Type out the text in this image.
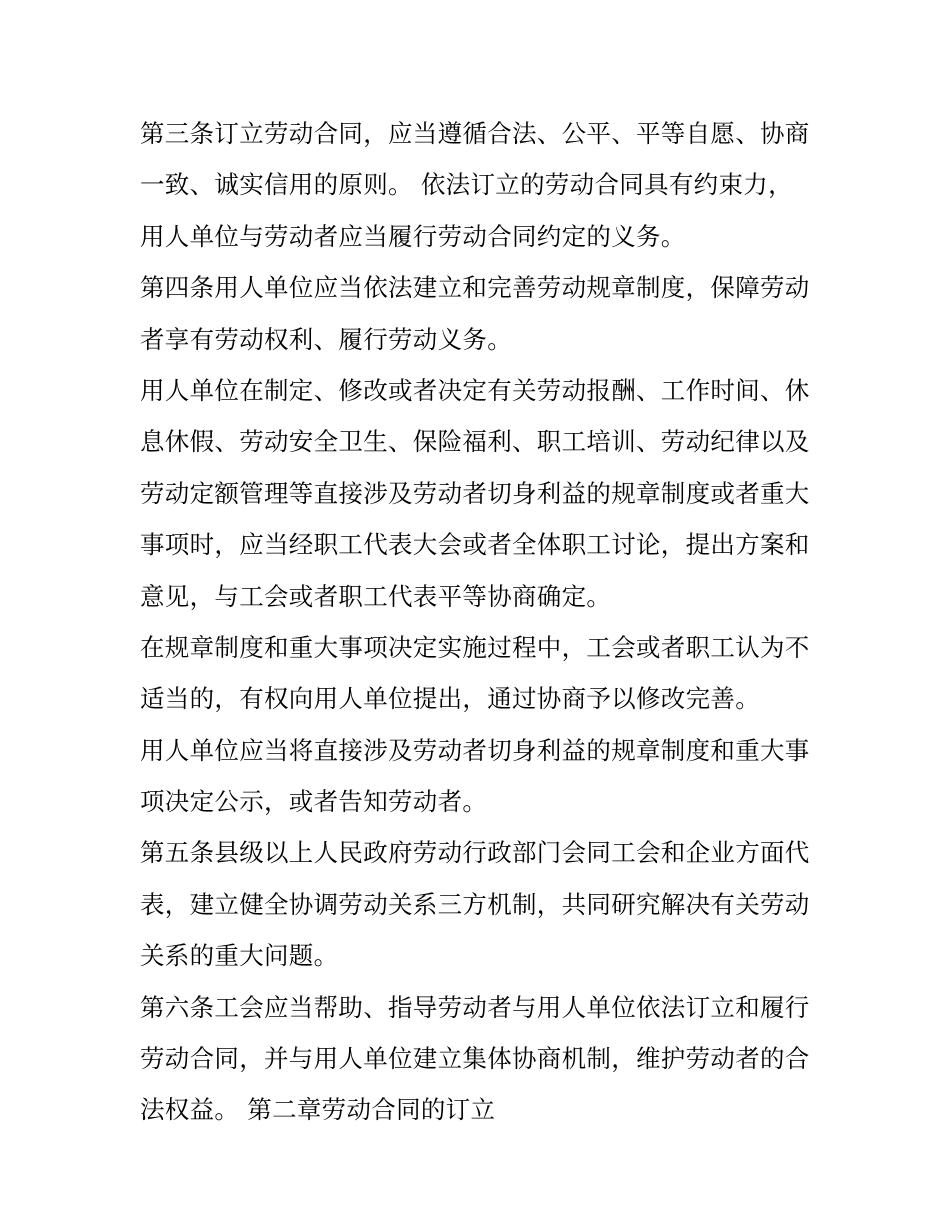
第三条订立劳动合同，应当遵循合法、公平、平等自愿、协商
一致、诚实信用的原则。 依法订立的劳动合同具有约束力，
用人单位与劳动者应当履行劳动合同约定的义务。
第四条用人单位应当依法建立和完善劳动规章制度，保障劳动
者享有劳动权利、履行劳动义务。
用人单位在制定、修改或者决定有关劳动报酬、工作时间、休
息休假、劳动安全卫生、保险福利、职工培训、劳动纪律以及
劳动定额管理等直接涉及劳动者切身利益的规章制度或者重大
事项时，应当经职工代表大会或者全体职工讨论，提出方案和
意见，与工会或者职工代表平等协商确定。
在规章制度和重大事项决定实施过程中，工会或者职工认为不
适当的，有权向用人单位提出，通过协商予以修改完善。
用人单位应当将直接涉及劳动者切身利益的规章制度和重大事
项决定公示，或者告知劳动者。
第五条县级以上人民政府劳动行政部门会同工会和企业方面代
表，建立健全协调劳动关系三方机制，共同研究解决有关劳动
关系的重大问题。
第六条工会应当帮助、指导劳动者与用人单位依法订立和履行
劳动合同，并与用人单位建立集体协商机制，维护劳动者的合
法权益。 第二章劳动合同的订立
